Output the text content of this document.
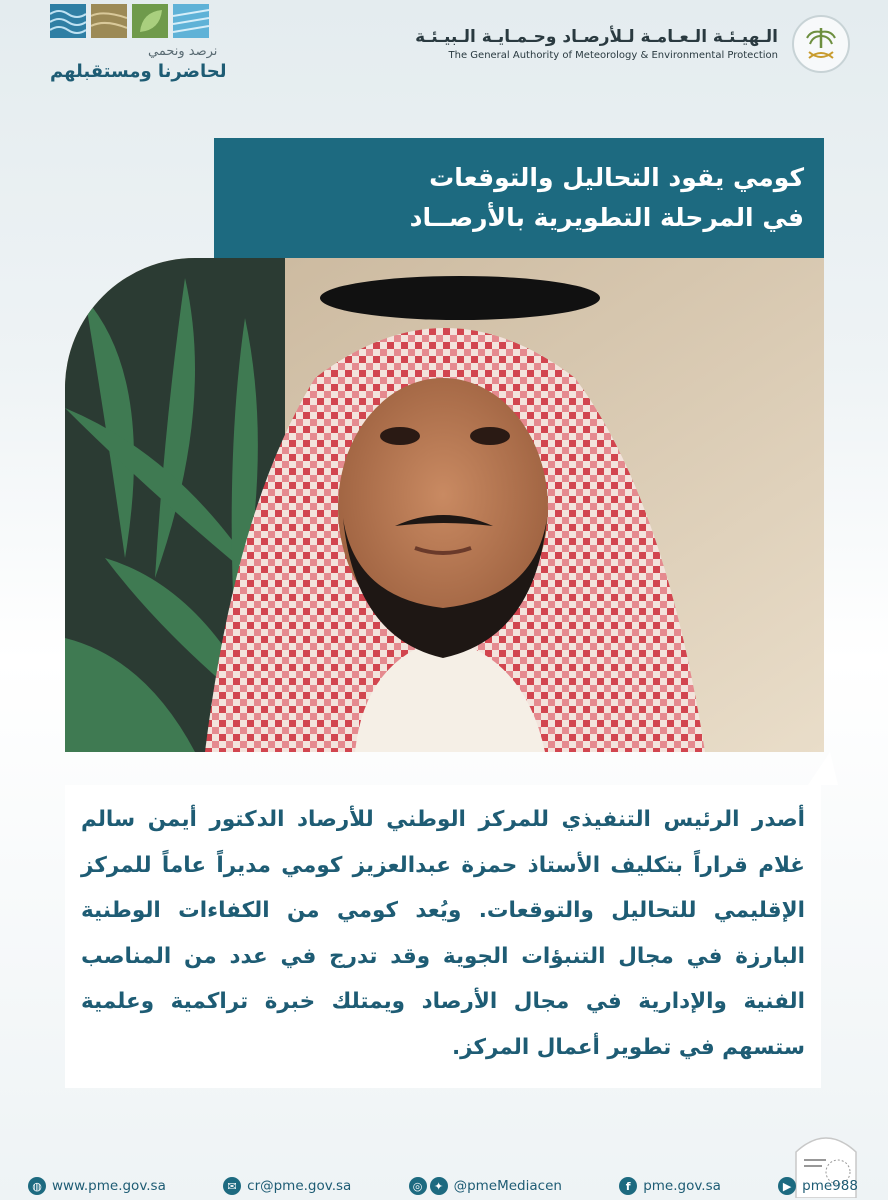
نرصد ونحمي
لحاضرنا ومستقبلهم
الـهيـئـة الـعـامـة لـلأرصـاد وحـمـايـة الـبيـئـة
The General Authority of Meteorology & Environmental Protection
كومي يقود التحاليل والتوقعات
في المرحلة التطويرية بالأرصــاد

أصدر الرئيس التنفيذي للمركز الوطني للأرصاد الدكتور أيمن سالم غلام قراراً بتكليف الأستاذ حمزة عبدالعزيز كومي مديراً عاماً للمركز الإقليمي للتحاليل والتوقعات. ويُعد كومي من الكفاءات الوطنية البارزة في مجال التنبؤات الجوية وقد تدرج في عدد من المناصب الفنية والإدارية في مجال الأرصاد ويمتلك خبرة تراكمية وعلمية ستسهم في تطوير أعمال المركز.

◍ www.pme.gov.sa	✉ cr@pme.gov.sa	◎	✦ @pmeMediacen	f pme.gov.sa	▶ pme988
